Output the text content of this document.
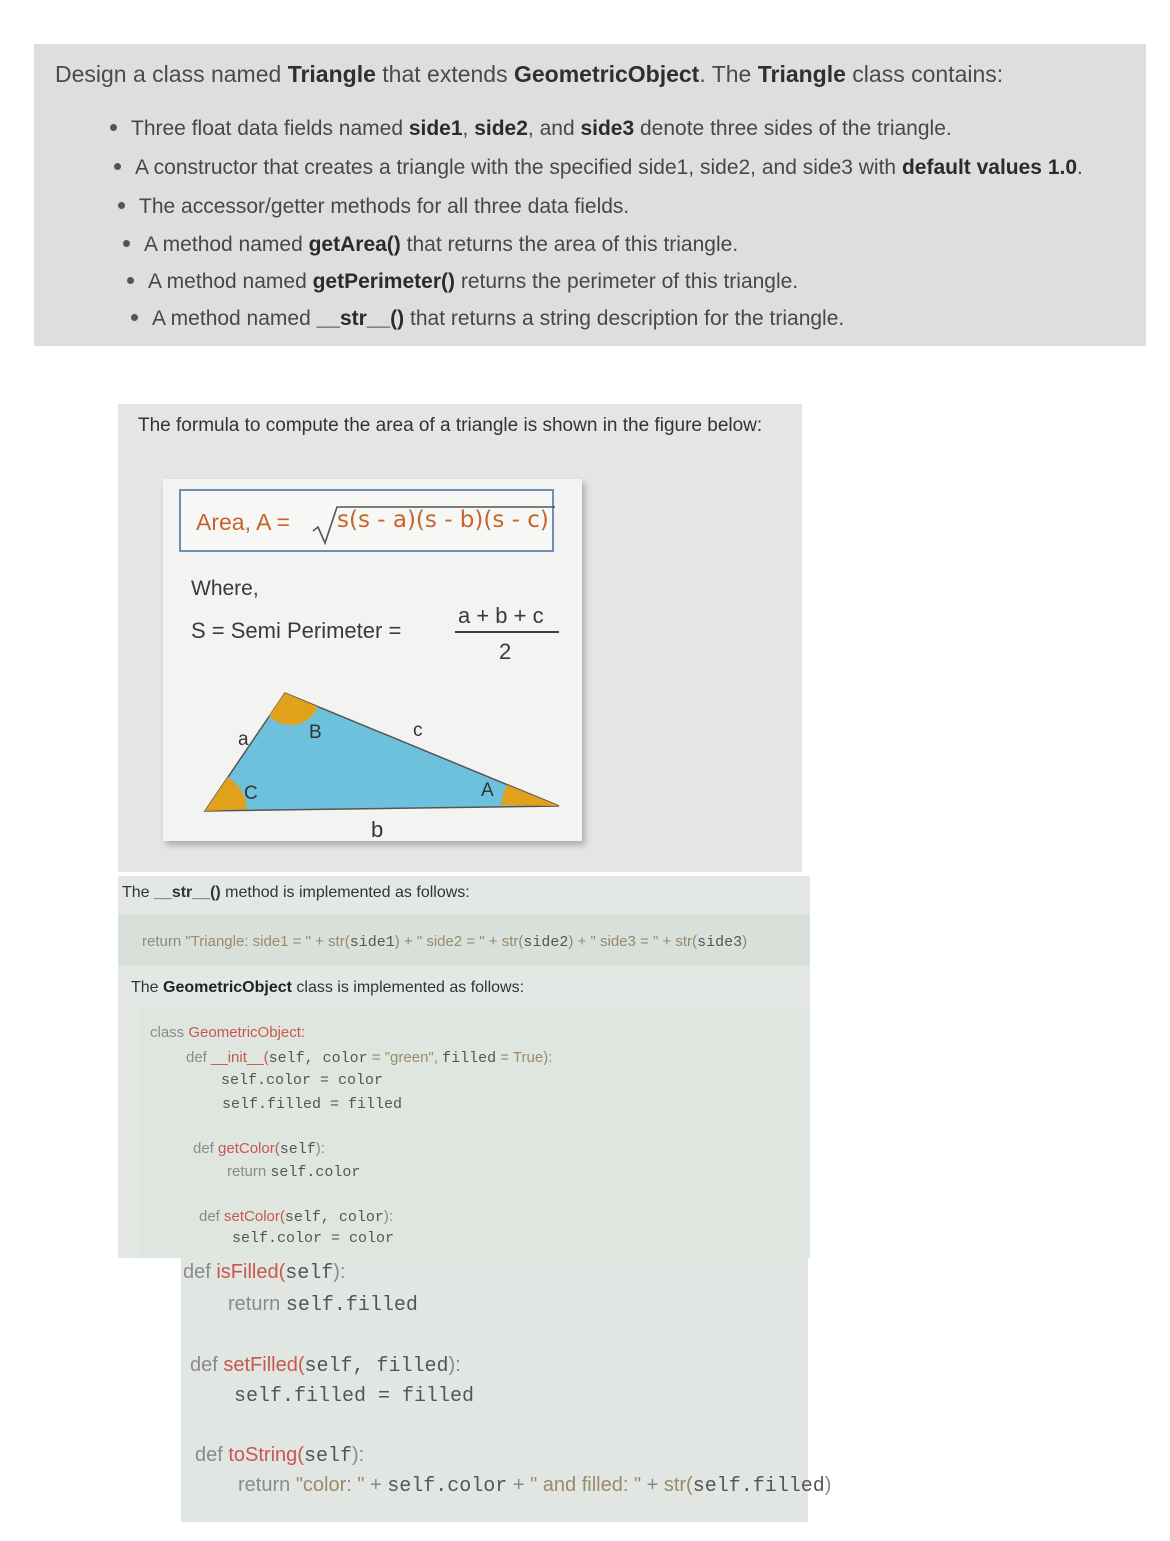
Design a class named Triangle that extends GeometricObject. The Triangle class contains:
Three float data fields named side1, side2, and side3 denote three sides of the triangle.
A constructor that creates a triangle with the specified side1, side2, and side3 with default values 1.0.
The accessor/getter methods for all three data fields.
A method named getArea() that returns the area of this triangle.
A method named getPerimeter() returns the perimeter of this triangle.
A method named __str__() that returns a string description for the triangle.
The formula to compute the area of a triangle is shown in the figure below:
Area, A = s(s - a)(s - b)(s - c)
Where,
S = Semi Perimeter =
a + b + c
2
a	B	c
C	A
b
The __str__() method is implemented as follows:
return "Triangle: side1 = " + str(side1) + " side2 = " + str(side2) + " side3 = " + str(side3)
The GeometricObject class is implemented as follows:
class GeometricObject:
def __init__(self, color = "green", filled = True):
self.color = color
self.filled = filled
def getColor(self):
return self.color
def setColor(self, color):
self.color = color
def isFilled(self):
return self.filled
def setFilled(self, filled):
self.filled = filled
def toString(self):
return "color: " + self.color + " and filled: " + str(self.filled)
